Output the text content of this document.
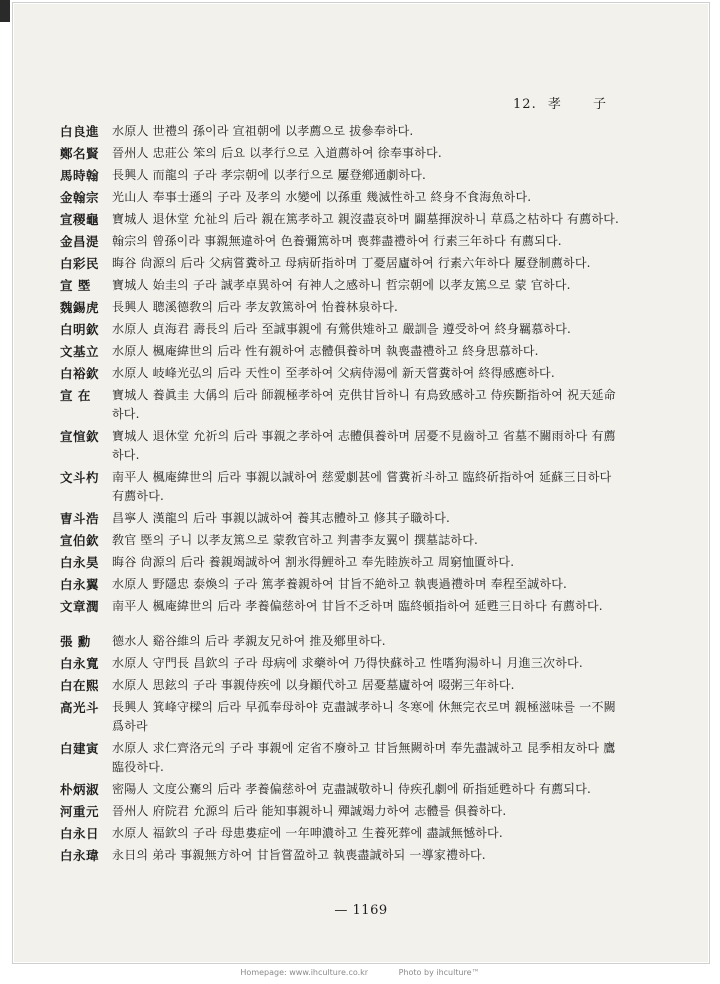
12. 孝 子
白良進	水原人 世禮의 孫이라 宣祖朝에 以孝薦으로 拔參奉하다.
鄭名賢	晉州人 忠莊公 笨의 后요 以孝行으로 入道薦하여 徐奉事하다.
馬時翰	長興人 而龍의 子라 孝宗朝에 以孝行으로 屢登鄕通劇하다.
金翰宗	光山人 奉事士遜의 子라 及孝의 水變에 以孫重 幾滅性하고 終身不食海魚하다.
宣稷龜	寶城人 退休堂 允祉의 后라 親在篤孝하고 親沒盡哀하며 闢墓揮淚하니 草爲之枯하다 有薦하다.
金昌湜	翰宗의 曾孫이라 事親無違하여 色養彌篤하며 喪葬盡禮하여 行素三年하다 有薦되다.
白彩民	晦谷 尙源의 后라 父病嘗糞하고 母病斫指하며 丁憂居廬하여 行素六年하다 屢登制薦하다.
宣 塈	寶城人 始圭의 子라 誠孝卓異하여 有神人之感하니 哲宗朝에 以孝友篤으로 蒙 官하다.
魏錫虎	長興人 聰溪德敎의 后라 孝友敦篤하여 怡養林泉하다.
白明欽	水原人 貞海君 壽長의 后라 至誠事親에 有鶯供雉하고 嚴訓을 遵受하여 終身羈慕하다.
文基立	水原人 楓庵緯世의 后라 性有親하여 志體俱養하며 執喪盡禮하고 終身思慕하다.
白裕欽	水原人 岐峰光弘의 后라 天性이 至孝하여 父病侍湯에 新天嘗糞하여 終得感應하다.
宣 在	寶城人 養眞圭 大偁의 后라 師親極孝하여 克供甘旨하니 有鳥致感하고 侍疾斷指하여 祝天延命하다.
宣愃欽	寶城人 退休堂 允祈의 后라 事親之孝하여 志體俱養하며 居憂不見齒하고 省墓不關雨하다 有薦하다.
文斗杓	南平人 楓庵緯世의 后라 事親以誠하여 慈愛劇甚에 嘗糞祈斗하고 臨終斫指하여 延蘇三日하다 有薦하다.
曺斗浩	昌寧人 漢龍의 后라 事親以誠하여 養其志體하고 修其子職하다.
宣伯欽	敎官 塈의 子니 以孝友篤으로 蒙敎官하고 判書李友翼이 撰墓誌하다.
白永昊	晦谷 尙源의 后라 養親竭誠하여 割氷得鯉하고 奉先睦族하고 周窮恤匱하다.
白永翼	水原人 野隱忠 泰煥의 子라 篤孝養親하여 甘旨不絶하고 執喪過禮하며 奉程至誠하다.
文章潤	南平人 楓庵緯世의 后라 孝養偏慈하여 甘旨不乏하며 臨終頓指하여 延甦三日하다 有薦하다.
張 勳	德水人 谿谷維의 后라 孝親友兄하여 推及鄕里하다.
白永寬	水原人 守門長 昌欽의 子라 母病에 求藥하여 乃得快蘇하고 性嗜狗湯하니 月進三次하다.
白在熙	水原人 思鉉의 子라 事親侍疾에 以身顚代하고 居憂墓廬하여 啜粥三年하다.
高光斗	長興人 箕峰守樑의 后라 早孤奉母하야 克盡誠孝하니 冬寒에 休無完衣로며 親極滋味를 一不闕爲하라
白建寅	水原人 求仁齊洛元의 子라 事親에 定省不廢하고 甘旨無闕하며 奉先盡誠하고 昆季相友하다 鷹臨役하다.
朴炳淑	密陽人 文度公騫의 后라 孝養偏慈하여 克盡誠敬하니 侍疾孔劇에 斫指延甦하다 有薦되다.
河重元	晉州人 府院君 允源의 后라 能知事親하니 殫誠竭力하여 志體를 俱養하다.
白永日	水原人 福欽의 子라 母患婁症에 一年呻濃하고 生養死葬에 盡誠無憾하다.
白永瑋	永日의 弟라 事親無方하여 甘旨嘗盈하고 執喪盡誠하되 一導家禮하다.
— 1169
Homepage: www.ihculture.co.kr	Photo by ihculture™
